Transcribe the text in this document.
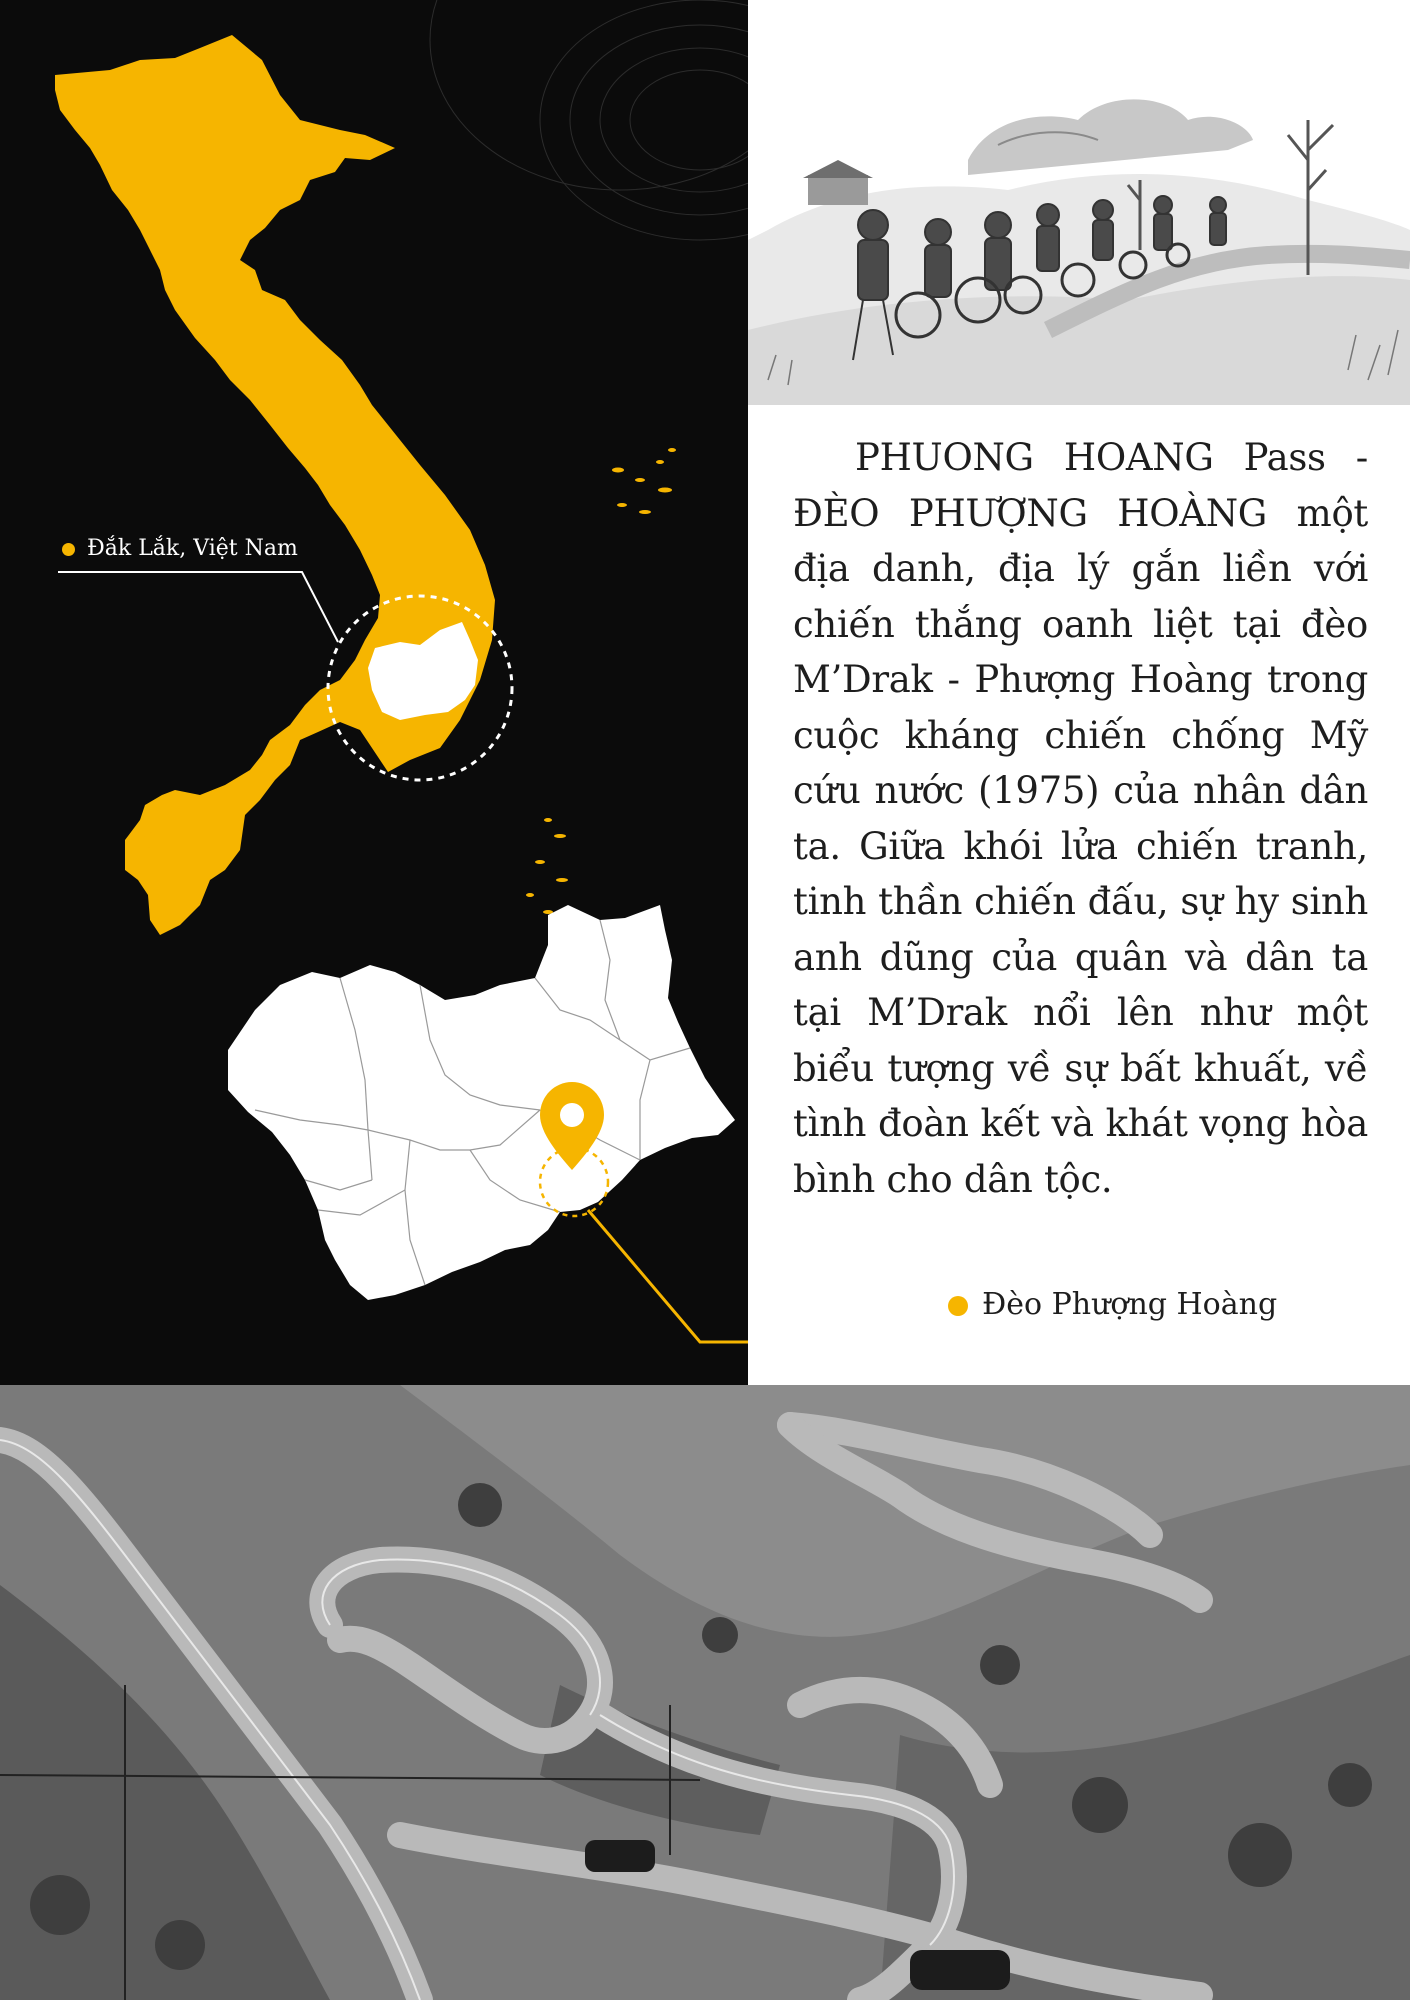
PHUONG HOANG Pass - ĐÈO PHƯỢNG HOÀNG một địa danh, địa lý gắn liền với chiến thắng oanh liệt tại đèo M’Drak - Phượng Hoàng trong cuộc kháng chiến chống Mỹ cứu nước (1975) của nhân dân ta. Giữa khói lửa chiến tranh, tinh thần chiến đấu, sự hy sinh anh dũng của quân và dân ta tại M’Drak nổi lên như một biểu tượng về sự bất khuất, về tình đoàn kết và khát vọng hòa bình cho dân tộc.

Đắk Lắk, Việt Nam
Đèo Phượng Hoàng
